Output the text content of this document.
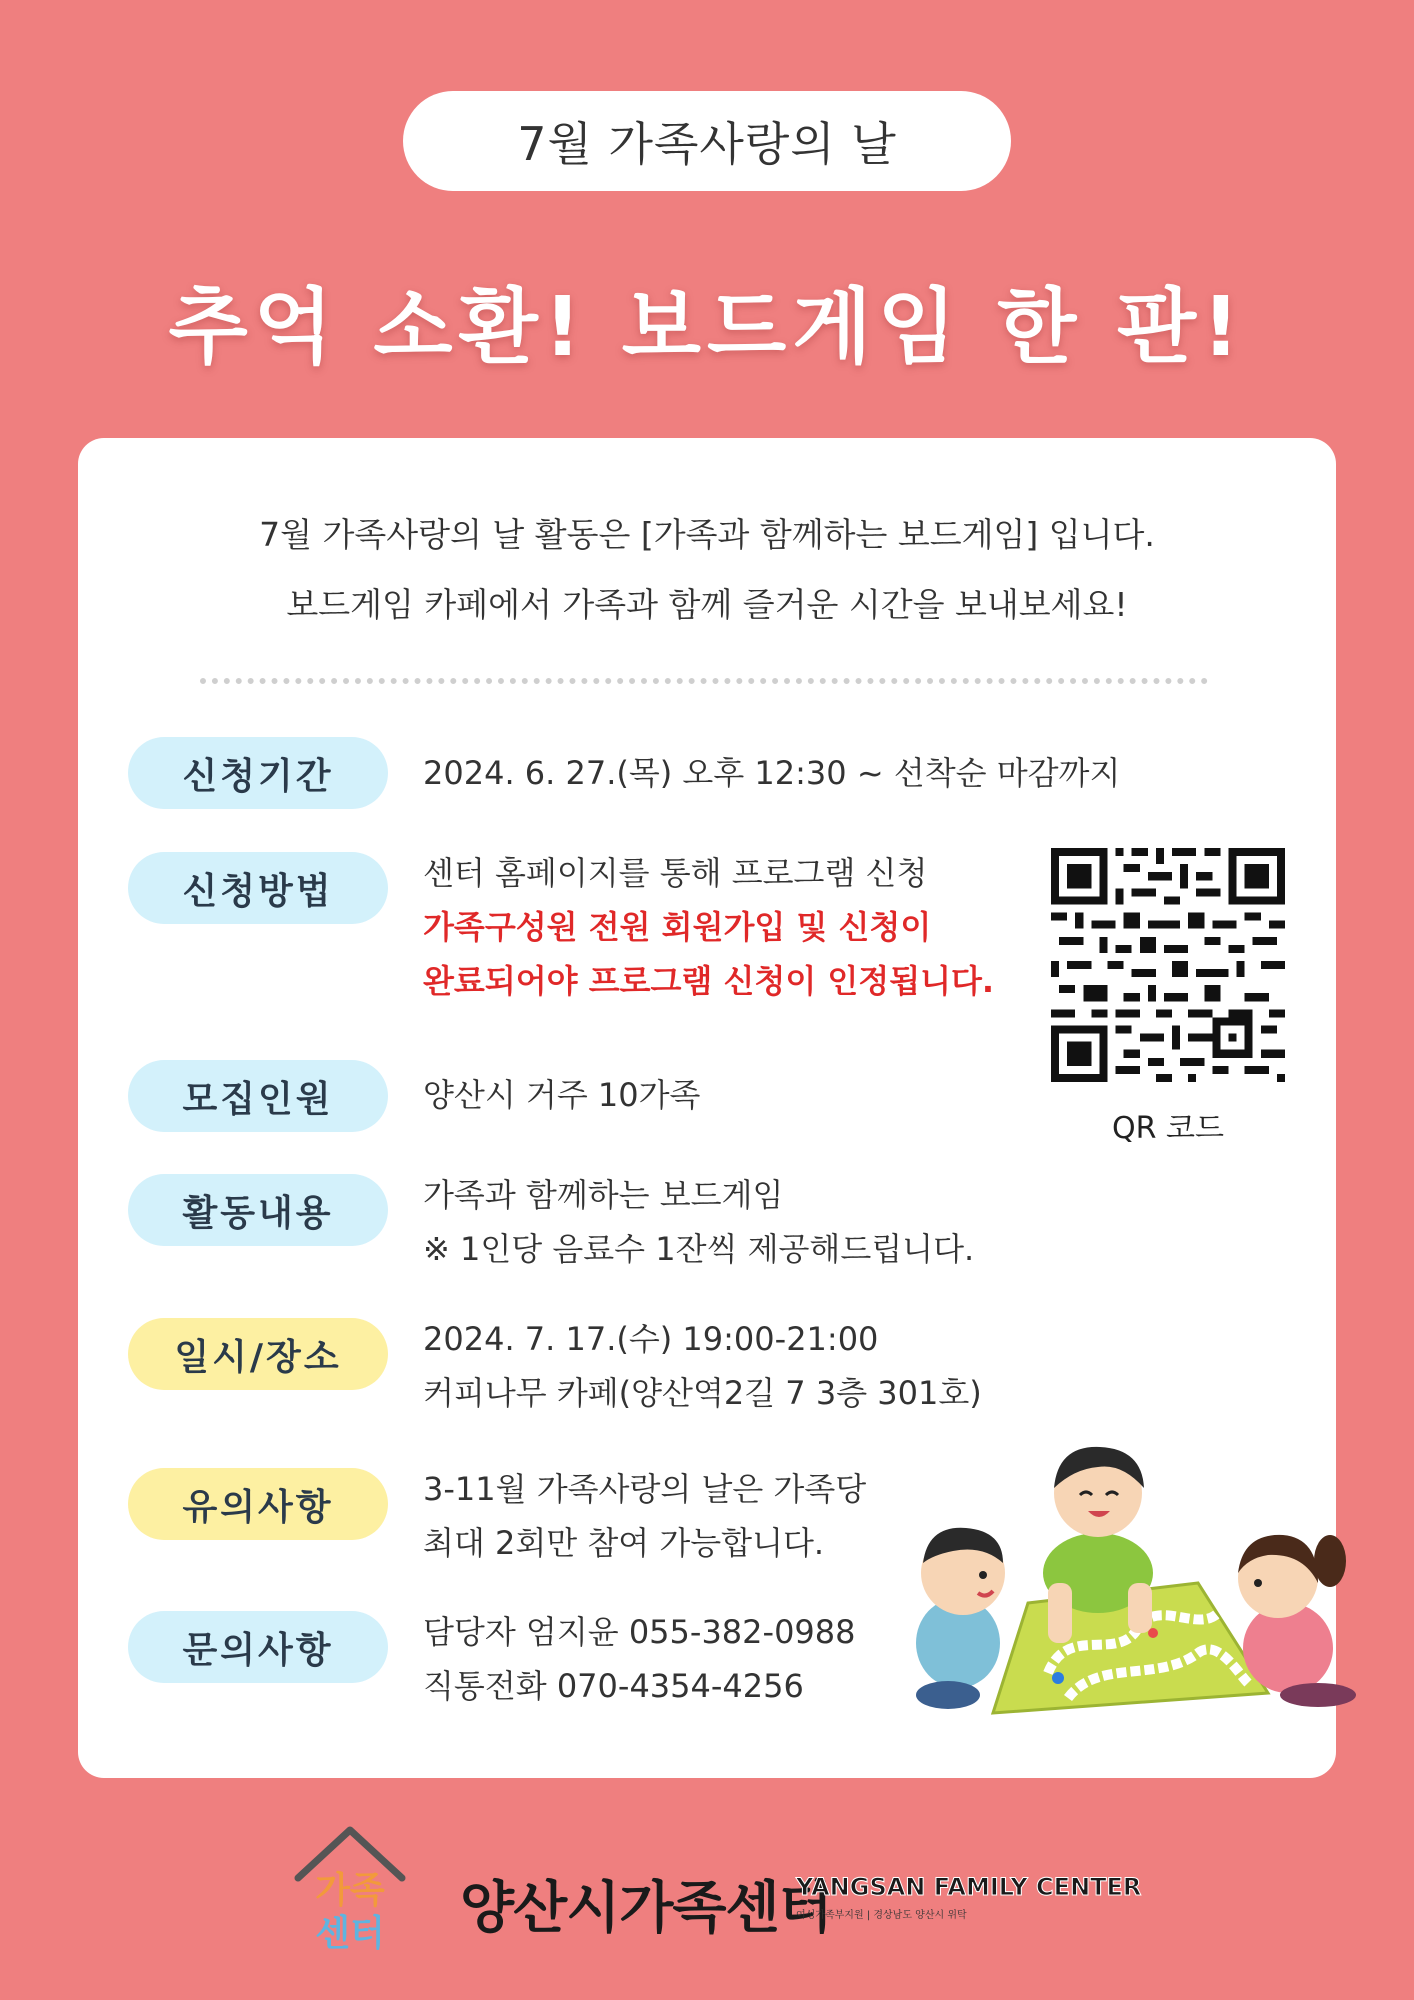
7월 가족사랑의 날
추억 소환! 보드게임 한 판!
7월 가족사랑의 날 활동은 [가족과 함께하는 보드게임] 입니다.
보드게임 카페에서 가족과 함께 즐거운 시간을 보내보세요!
신청기간	2024. 6. 27.(목) 오후 12:30 ~ 선착순 마감까지
신청방법	센터 홈페이지를 통해 프로그램 신청
가족구성원 전원 회원가입 및 신청이
완료되어야 프로그램 신청이 인정됩니다.
QR 코드
모집인원	양산시 거주 10가족
활동내용	가족과 함께하는 보드게임
※ 1인당 음료수 1잔씩 제공해드립니다.
일시/장소	2024. 7. 17.(수) 19:00-21:00
커피나무 카페(양산역2길 7 3층 301호)
유의사항	3-11월 가족사랑의 날은 가족당
최대 2회만 참여 가능합니다.
문의사항	담당자 엄지윤 055-382-0988
직통전화 070-4354-4256
가족
센터 양산시가족센터
YANGSAN FAMILY CENTER
여성가족부지원 | 경상남도 양산시 위탁
